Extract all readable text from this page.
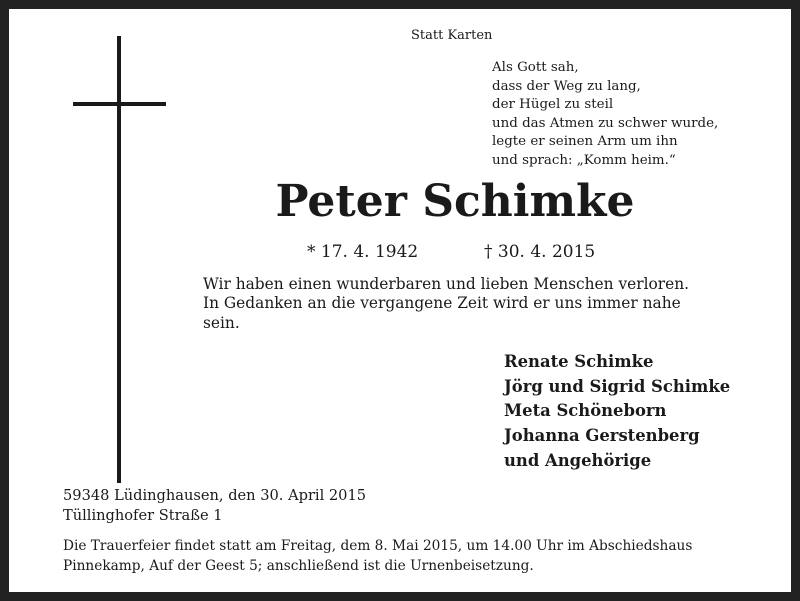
Statt Karten
Als Gott sah,
dass der Weg zu lang,
der Hügel zu steil
und das Atmen zu schwer wurde,
legte er seinen Arm um ihn
und sprach: „Komm heim.“
Peter Schimke
* 17. 4. 1942	† 30. 4. 2015
Wir haben einen wunderbaren und lieben Menschen verloren.
In Gedanken an die vergangene Zeit wird er uns immer nahe
sein.
Renate Schimke
Jörg und Sigrid Schimke
Meta Schöneborn
Johanna Gerstenberg
und Angehörige
59348 Lüdinghausen, den 30. April 2015
Tüllinghofer Straße 1
Die Trauerfeier findet statt am Freitag, dem 8. Mai 2015, um 14.00 Uhr im Abschiedshaus
Pinnekamp, Auf der Geest 5; anschließend ist die Urnenbeisetzung.
